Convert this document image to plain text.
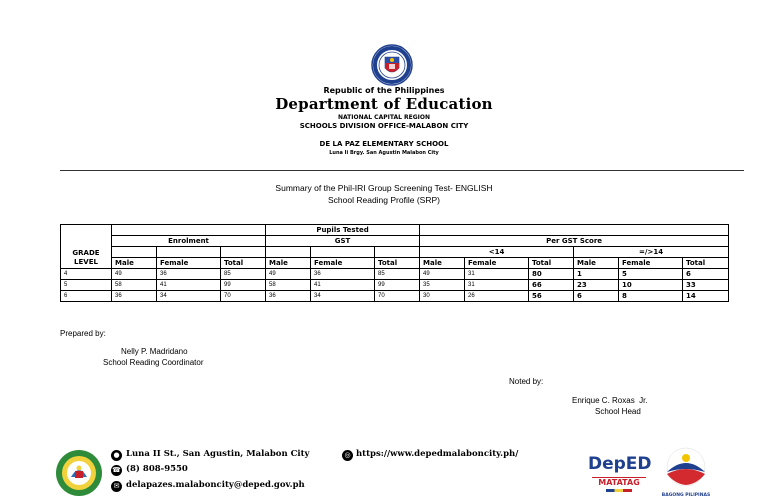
Republic of the Philippines
Department of Education
NATIONAL CAPITAL REGION
SCHOOLS DIVISION OFFICE-MALABON CITY
DE LA PAZ ELEMENTARY SCHOOL
Luna Ii Brgy. San Agustin Malabon City
Summary of the Phil-IRI Group Screening Test- ENGLISH
School Reading Profile (SRP)
GRADE LEVEL				Pupils Tested								
	Enrolment			GST			Per GST Score					
							<14			=/>14		
	Male	Female	Total	Male	Female	Total	Male	Female	Total	Male	Female	Total
4	49	36	85	49	36	85	49	31	80	1	5	6
5	58	41	99	58	41	99	35	31	66	23	10	33
6	36	34	70	36	34	70	30	26	56	6	8	14
Prepared by:
Nelly P. Madridano
School Reading Coordinator
Noted by:
Enrique C. Roxas  Jr.
School Head
● Luna II St., San Agustin, Malabon City
☎ (8) 808-9550
✉ delapazes.malaboncity@deped.gov.ph
◎ https://www.depedmalaboncity.ph/	DepED
MATATAG
BAGONG PILIPINAS
